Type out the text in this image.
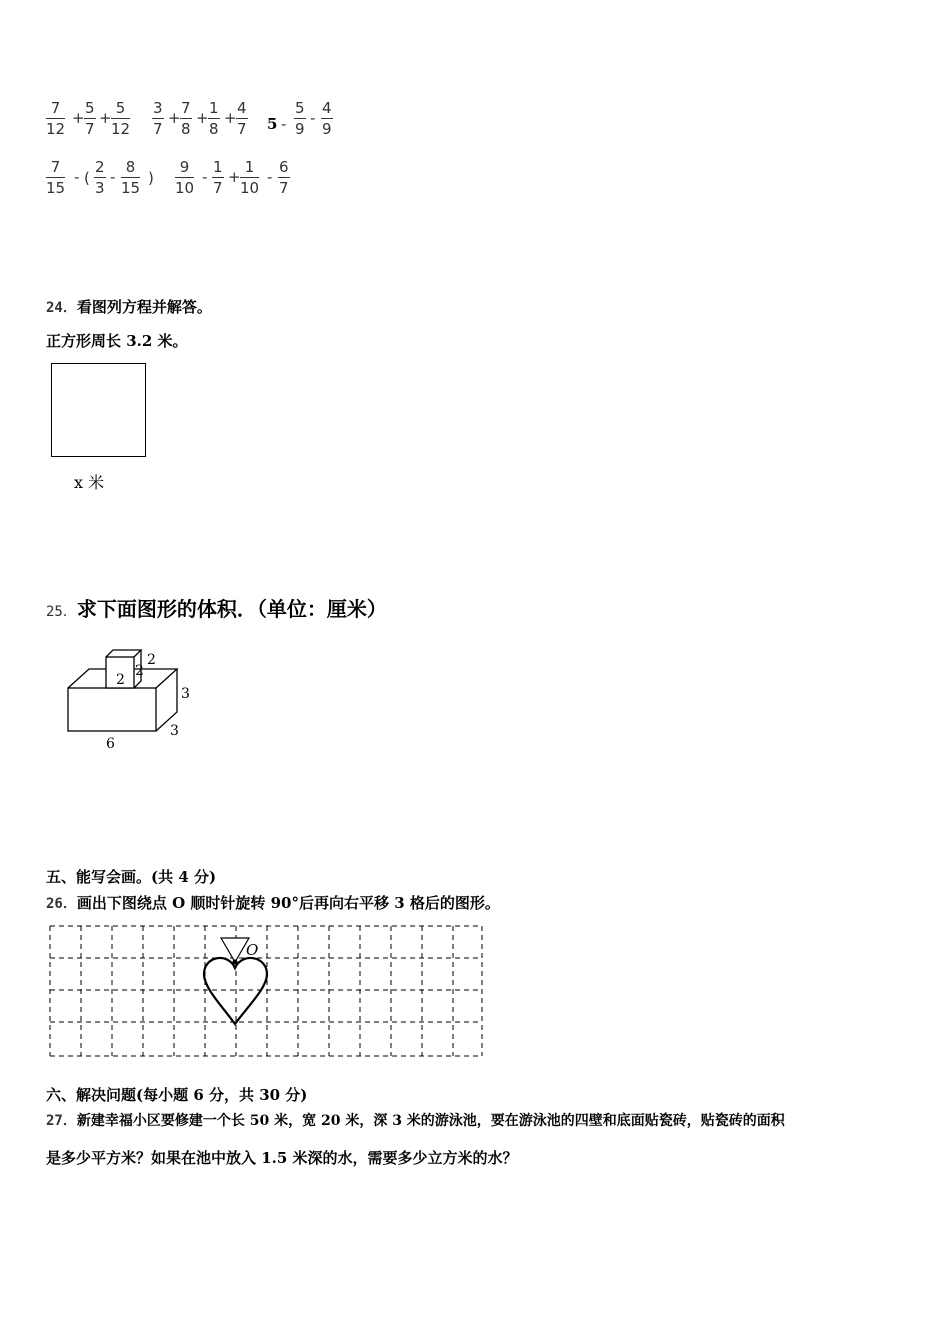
$\frac{7}{12} + \frac{5}{7} + \frac{5}{12} \frac{3}{7} + \frac{7}{8} + \frac{1}{8} + \frac{4}{7} 5 - \frac{5}{9} - \frac{4}{9}$
$\frac{7}{15}$ - ( $\frac{2}{3} - \frac{8}{15}$ ) $\frac{9}{10} - \frac{1}{7} + \frac{1}{10} - \frac{6}{7}$
24．看图列方程并解答。
正方形周长 3.2 米。
x 米
25．求下面图形的体积．（单位：厘米）
2
2
2
3
3
6
五、能写会画。(共 4 分)
26．画出下图绕点 O 顺时针旋转 90°后再向右平移 3 格后的图形。
O
六、解决问题(每小题 6 分，共 30 分)
27．新建幸福小区要修建一个长 50 米，宽 20 米，深 3 米的游泳池，要在游泳池的四壁和底面贴瓷砖，贴瓷砖的面积
是多少平方米？如果在池中放入 1.5 米深的水，需要多少立方米的水？
